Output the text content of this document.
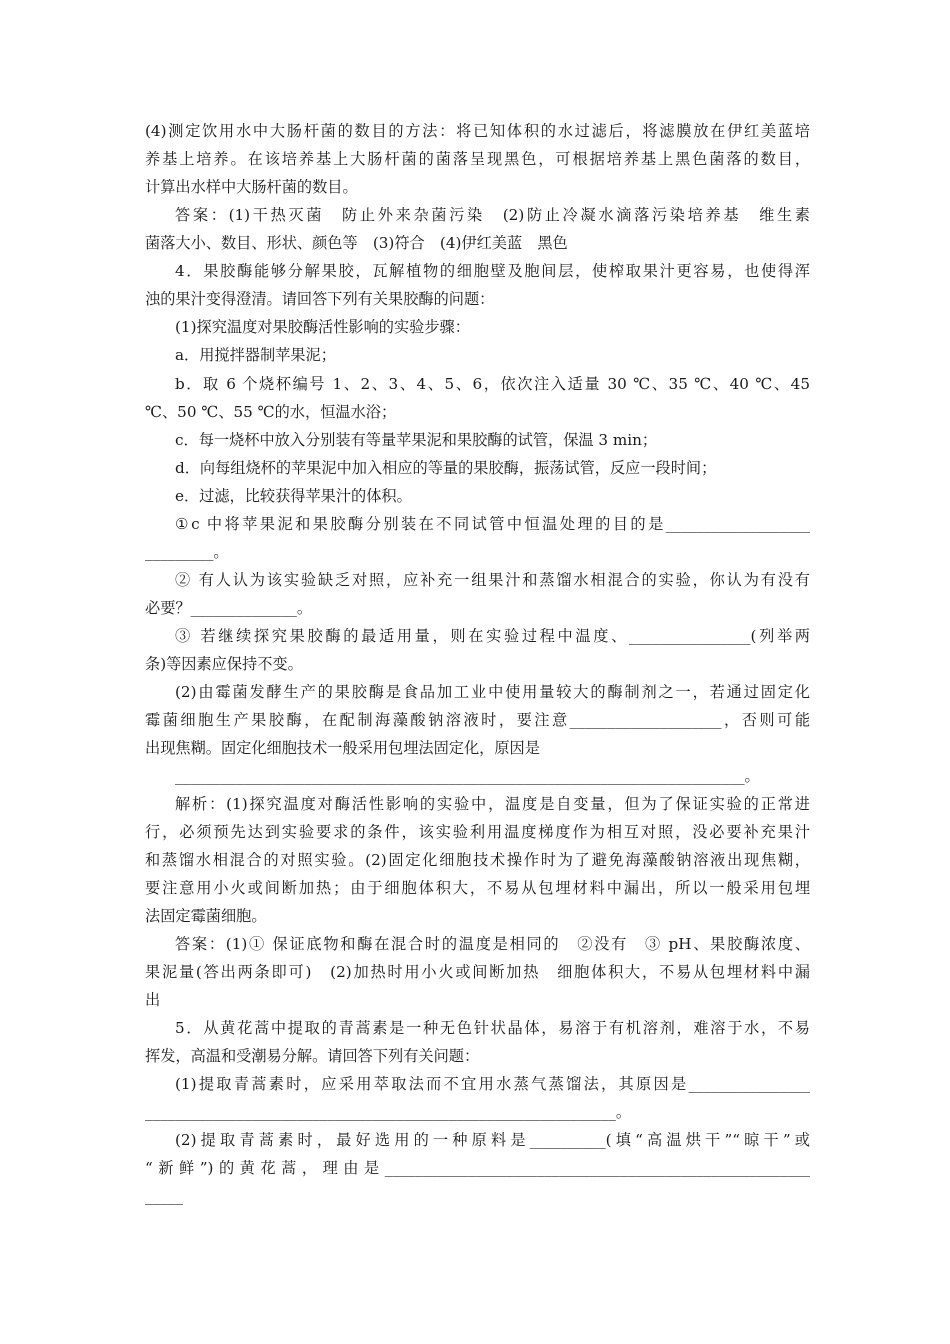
(4)测定饮用水中大肠杆菌的数目的方法：将已知体积的水过滤后，将滤膜放在伊红美蓝培
养基上培养。在该培养基上大肠杆菌的菌落呈现黑色，可根据培养基上黑色菌落的数目，
计算出水样中大肠杆菌的数目。
答案：(1)干热灭菌　防止外来杂菌污染　(2)防止冷凝水滴落污染培养基　维生素
菌落大小、数目、形状、颜色等　(3)符合　(4)伊红美蓝　黑色
4．果胶酶能够分解果胶，瓦解植物的细胞壁及胞间层，使榨取果汁更容易，也使得浑
浊的果汁变得澄清。请回答下列有关果胶酶的问题：
(1)探究温度对果胶酶活性影响的实验步骤：
a．用搅拌器制苹果泥；
b．取 6 个烧杯编号 1、2、3、4、5、6，依次注入适量 30 ℃、35 ℃、40 ℃、45
℃、50 ℃、55 ℃的水，恒温水浴；
c．每一烧杯中放入分别装有等量苹果泥和果胶酶的试管，保温 3 min；
d．向每组烧杯的苹果泥中加入相应的等量的果胶酶，振荡试管，反应一段时间；
e．过滤，比较获得苹果汁的体积。
①c 中将苹果泥和果胶酶分别装在不同试管中恒温处理的目的是___________________
_________。
② 有人认为该实验缺乏对照，应补充一组果汁和蒸馏水相混合的实验，你认为有没有
必要？______________。
③ 若继续探究果胶酶的最适用量，则在实验过程中温度、________________(列举两
条)等因素应保持不变。
(2)由霉菌发酵生产的果胶酶是食品加工业中使用量较大的酶制剂之一，若通过固定化
霉菌细胞生产果胶酶，在配制海藻酸钠溶液时，要注意____________________，否则可能
出现焦糊。固定化细胞技术一般采用包埋法固定化，原因是
___________________________________________________________________________。
解析：(1)探究温度对酶活性影响的实验中，温度是自变量，但为了保证实验的正常进
行，必须预先达到实验要求的条件，该实验利用温度梯度作为相互对照，没必要补充果汁
和蒸馏水相混合的对照实验。(2)固定化细胞技术操作时为了避免海藻酸钠溶液出现焦糊，
要注意用小火或间断加热；由于细胞体积大，不易从包埋材料中漏出，所以一般采用包埋
法固定霉菌细胞。
答案：(1)① 保证底物和酶在混合时的温度是相同的　②没有　③ pH、果胶酶浓度、
果泥量(答出两条即可)　(2)加热时用小火或间断加热　细胞体积大，不易从包埋材料中漏
出
5．从黄花蒿中提取的青蒿素是一种无色针状晶体，易溶于有机溶剂，难溶于水，不易
挥发，高温和受潮易分解。请回答下列有关问题：
(1)提取青蒿素时，应采用萃取法而不宜用水蒸气蒸馏法，其原因是________________
______________________________________________________________。
(2)提取青蒿素时，最好选用的一种原料是__________(填“高温烘干”“晾干”或
“新鲜”)的黄花蒿，理由是________________________________________________________
_____
